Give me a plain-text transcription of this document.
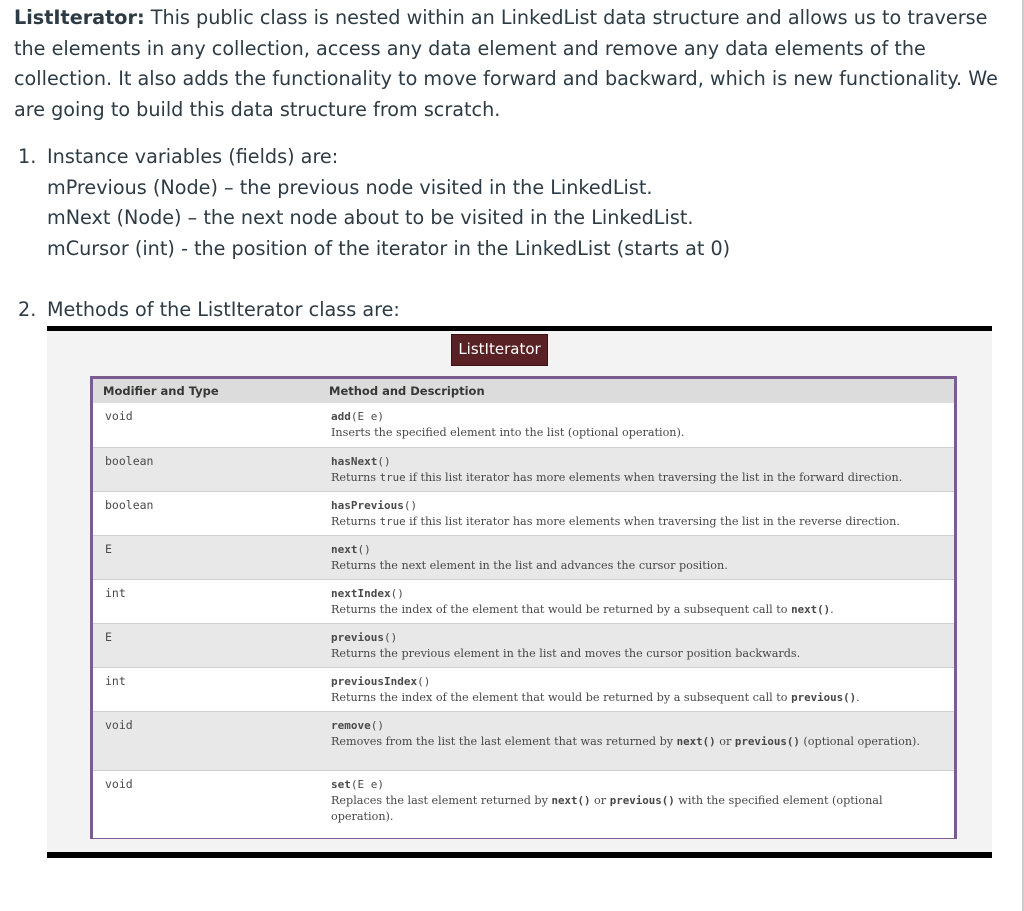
ListIterator: This public class is nested within an LinkedList data structure and allows us to traverse the elements in any collection, access any data element and remove any data elements of the collection. It also adds the functionality to move forward and backward, which is new functionality. We are going to build this data structure from scratch.

1. Instance variables (fields) are:
mPrevious (Node) – the previous node visited in the LinkedList.
mNext (Node) – the next node about to be visited in the LinkedList.
mCursor (int) - the position of the iterator in the LinkedList (starts at 0)
2. Methods of the ListIterator class are:
ListIterator
Modifier and Type	Method and Description
void	add(E e)
Inserts the specified element into the list (optional operation).

boolean	hasNext()
Returns true if this list iterator has more elements when traversing the list in the forward direction.

boolean	hasPrevious()
Returns true if this list iterator has more elements when traversing the list in the reverse direction.

E	next()
Returns the next element in the list and advances the cursor position.

int	nextIndex()
Returns the index of the element that would be returned by a subsequent call to next().

E	previous()
Returns the previous element in the list and moves the cursor position backwards.

int	previousIndex()
Returns the index of the element that would be returned by a subsequent call to previous().

void	remove()
Removes from the list the last element that was returned by next() or previous() (optional operation).

void	set(E e)
Replaces the last element returned by next() or previous() with the specified element (optional operation).
